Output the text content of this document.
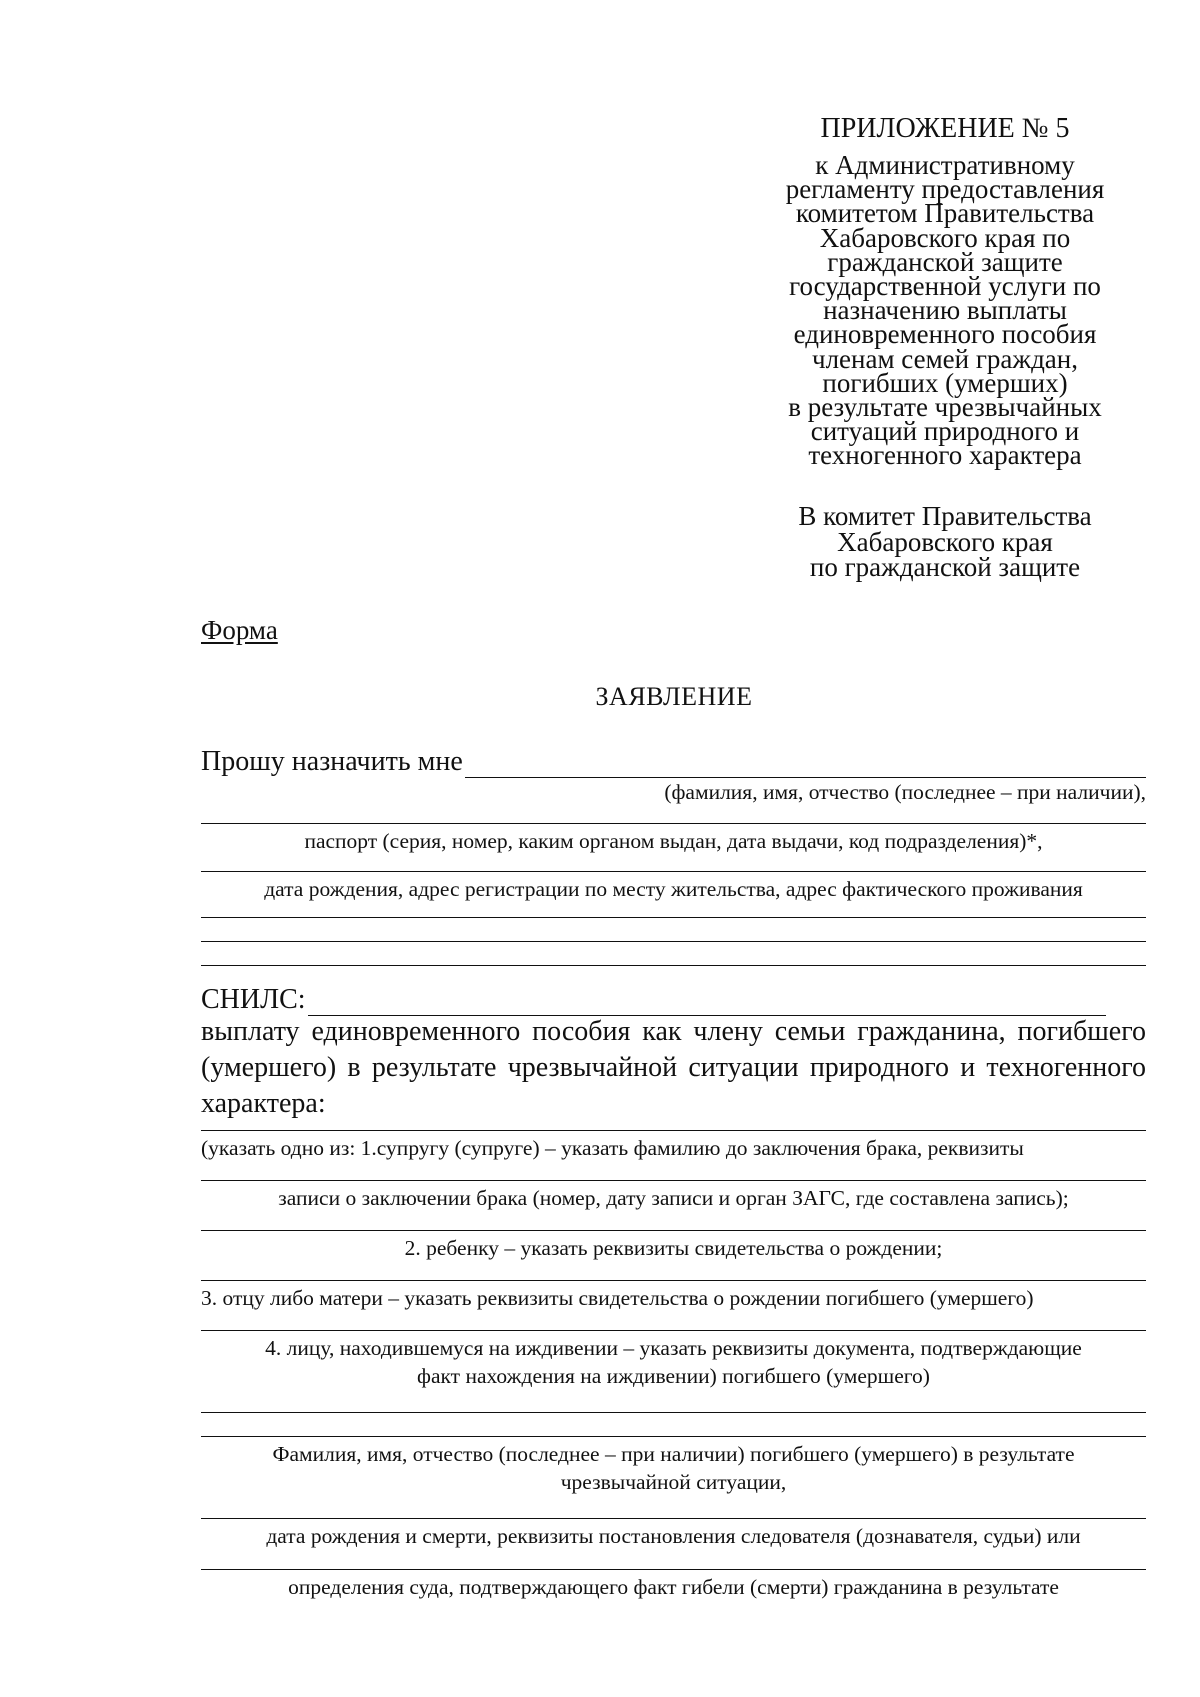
ПРИЛОЖЕНИЕ № 5
к Административному
регламенту предоставления
комитетом Правительства
Хабаровского края по
гражданской защите
государственной услуги по
назначению выплаты
единовременного пособия
членам семей граждан,
погибших (умерших)
в результате чрезвычайных
ситуаций природного и
техногенного характера
В комитет Правительства
Хабаровского края
по гражданской защите
Форма
ЗАЯВЛЕНИЕ
Прошу назначить мне
(фамилия, имя, отчество (последнее – при наличии),
паспорт (серия, номер, каким органом выдан, дата выдачи, код подразделения)*,
дата рождения, адрес регистрации по месту жительства, адрес фактического проживания
СНИЛС:
выплату единовременного пособия как члену семьи гражданина, погибшего
(умершего) в результате чрезвычайной ситуации природного и техногенного
характера:
(указать одно из: 1.супругу (супруге) – указать фамилию до заключения брака, реквизиты
записи о заключении брака (номер, дату записи и орган ЗАГС, где составлена запись);
2. ребенку – указать реквизиты свидетельства о рождении;
3. отцу либо матери – указать реквизиты свидетельства о рождении погибшего (умершего)
4. лицу, находившемуся на иждивении – указать реквизиты документа, подтверждающие
факт нахождения на иждивении) погибшего (умершего)
Фамилия, имя, отчество (последнее – при наличии) погибшего (умершего) в результате
чрезвычайной ситуации,
дата рождения и смерти, реквизиты постановления следователя (дознавателя, судьи) или
определения суда, подтверждающего факт гибели (смерти) гражданина в результате
